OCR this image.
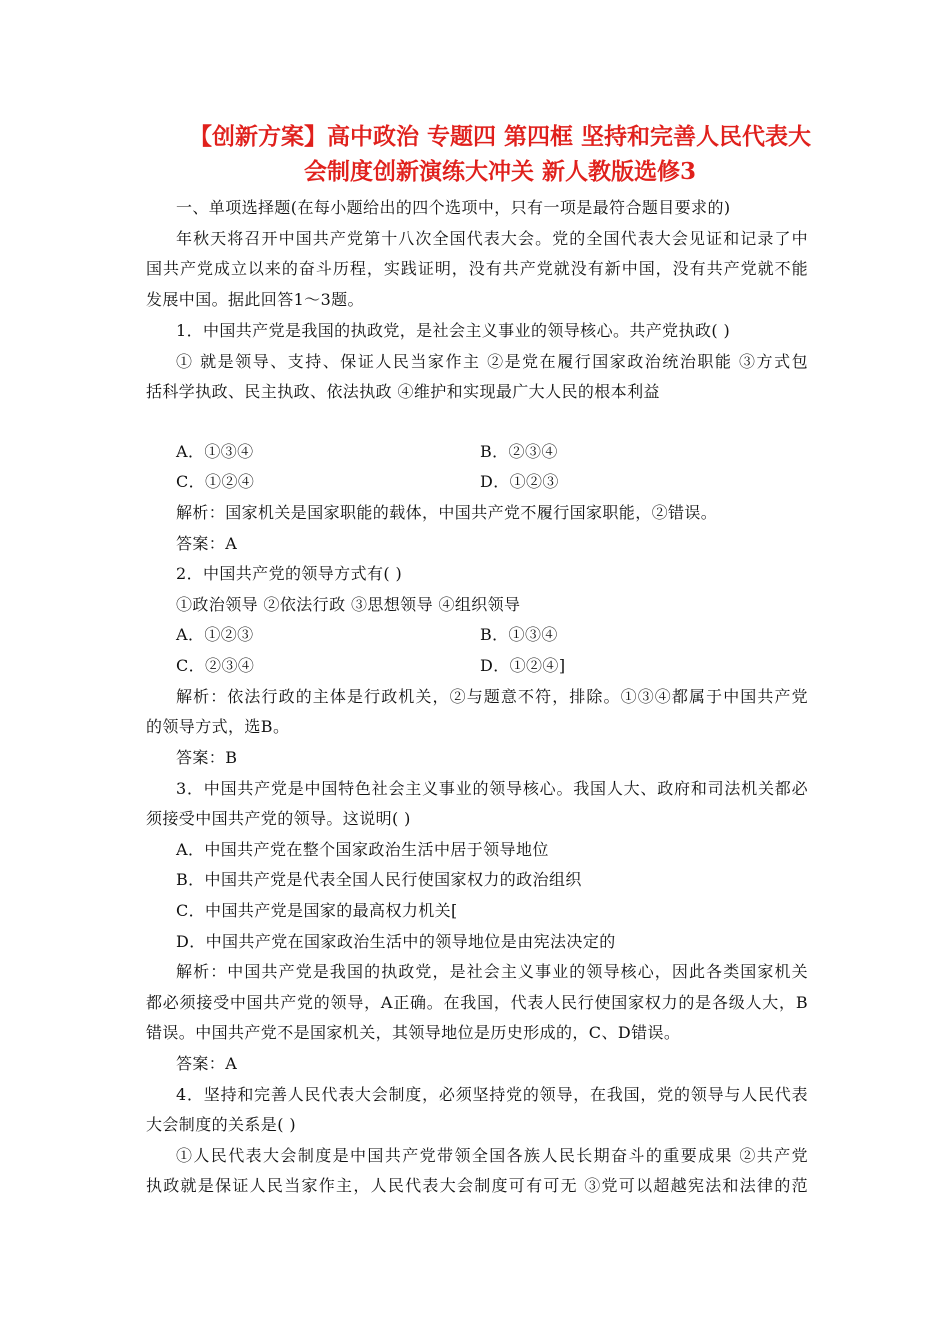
【创新方案】高中政治 专题四 第四框 坚持和完善人民代表大
会制度创新演练大冲关 新人教版选修3
一、单项选择题(在每小题给出的四个选项中，只有一项是最符合题目要求的)
年秋天将召开中国共产党第十八次全国代表大会。党的全国代表大会见证和记录了中
国共产党成立以来的奋斗历程，实践证明，没有共产党就没有新中国，没有共产党就不能
发展中国。据此回答1～3题。
1．中国共产党是我国的执政党，是社会主义事业的领导核心。共产党执政( )
① 就是领导、支持、保证人民当家作主 ②是党在履行国家政治统治职能 ③方式包
括科学执政、民主执政、依法执政 ④维护和实现最广大人民的根本利益
A．①③④	B．②③④
C．①②④	D．①②③
解析：国家机关是国家职能的载体，中国共产党不履行国家职能，②错误。
答案：A
2．中国共产党的领导方式有( )
①政治领导 ②依法行政 ③思想领导 ④组织领导
A．①②③	B．①③④
C．②③④	D．①②④]
解析：依法行政的主体是行政机关，②与题意不符，排除。①③④都属于中国共产党
的领导方式，选B。
答案：B
3．中国共产党是中国特色社会主义事业的领导核心。我国人大、政府和司法机关都必
须接受中国共产党的领导。这说明( )
A．中国共产党在整个国家政治生活中居于领导地位
B．中国共产党是代表全国人民行使国家权力的政治组织
C．中国共产党是国家的最高权力机关[
D．中国共产党在国家政治生活中的领导地位是由宪法决定的
解析：中国共产党是我国的执政党，是社会主义事业的领导核心，因此各类国家机关
都必须接受中国共产党的领导，A正确。在我国，代表人民行使国家权力的是各级人大，B
错误。中国共产党不是国家机关，其领导地位是历史形成的，C、D错误。
答案：A
4．坚持和完善人民代表大会制度，必须坚持党的领导，在我国，党的领导与人民代表
大会制度的关系是( )
①人民代表大会制度是中国共产党带领全国各族人民长期奋斗的重要成果 ②共产党
执政就是保证人民当家作主，人民代表大会制度可有可无 ③党可以超越宪法和法律的范
